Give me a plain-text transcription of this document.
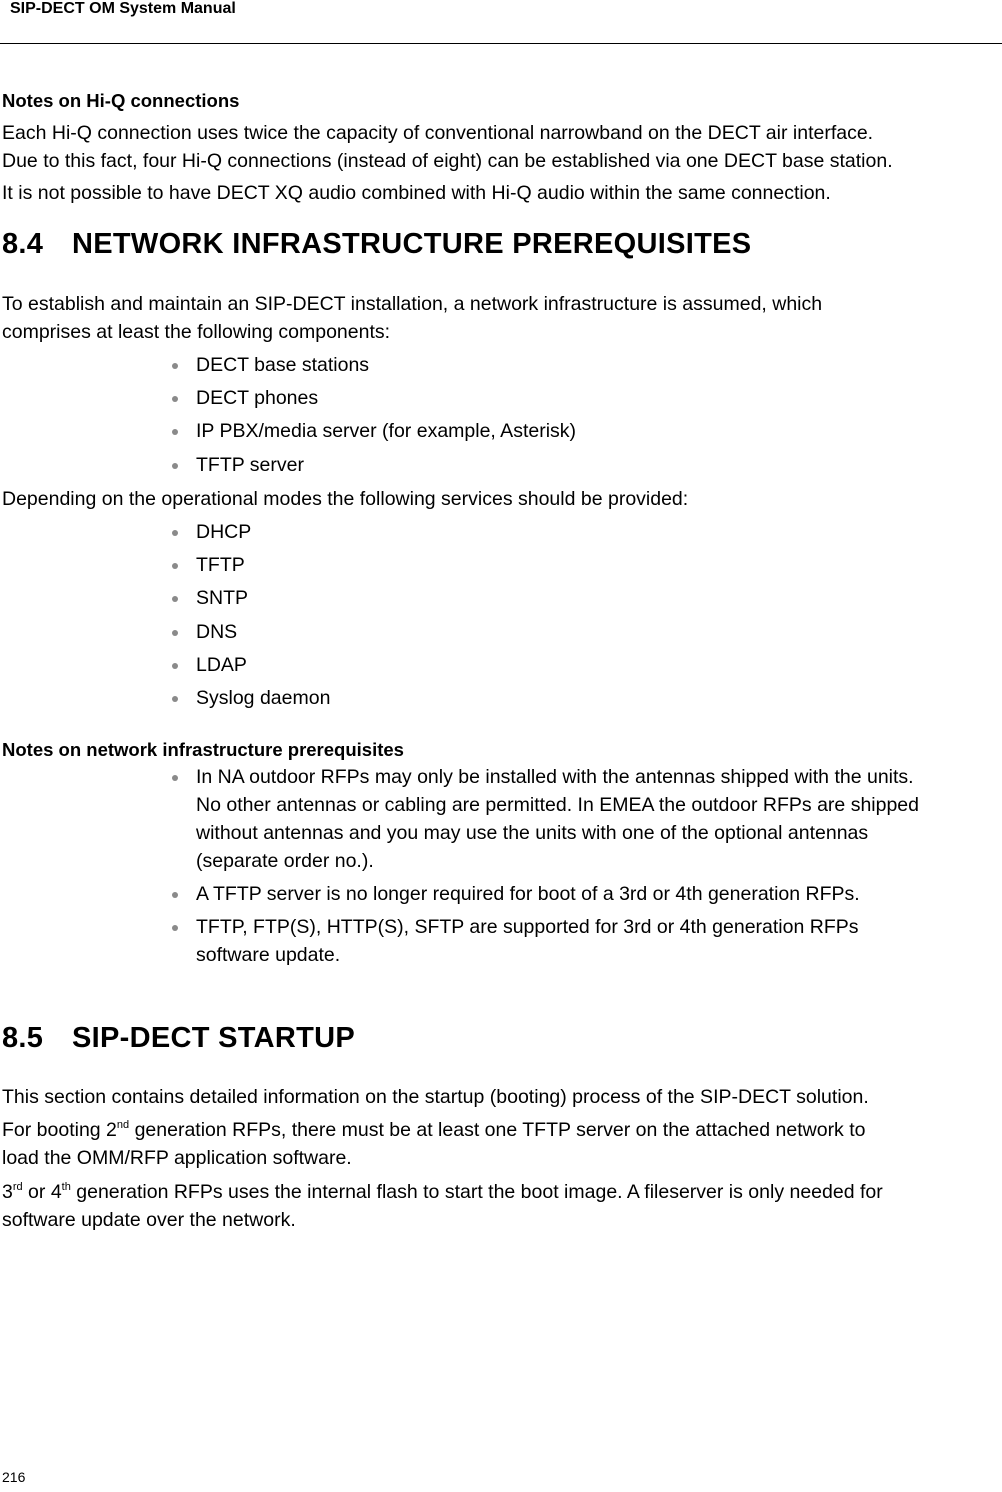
SIP-DECT OM System Manual
Notes on Hi-Q connections
Each Hi-Q connection uses twice the capacity of conventional narrowband on the DECT air interface.
Due to this fact, four Hi-Q connections (instead of eight) can be established via one DECT base station.
It is not possible to have DECT XQ audio combined with Hi-Q audio within the same connection.
8.4 NETWORK INFRASTRUCTURE PREREQUISITES
To establish and maintain an SIP-DECT installation, a network infrastructure is assumed, which
comprises at least the following components:
DECT base stations
DECT phones
IP PBX/media server (for example, Asterisk)
TFTP server
Depending on the operational modes the following services should be provided:
DHCP
TFTP
SNTP
DNS
LDAP
Syslog daemon
Notes on network infrastructure prerequisites
In NA outdoor RFPs may only be installed with the antennas shipped with the units.
No other antennas or cabling are permitted. In EMEA the outdoor RFPs are shipped
without antennas and you may use the units with one of the optional antennas
(separate order no.).
A TFTP server is no longer required for boot of a 3rd or 4th generation RFPs.
TFTP, FTP(S), HTTP(S), SFTP are supported for 3rd or 4th generation RFPs
software update.
8.5 SIP-DECT STARTUP
This section contains detailed information on the startup (booting) process of the SIP-DECT solution.
For booting 2nd generation RFPs, there must be at least one TFTP server on the attached network to
load the OMM/RFP application software.
3rd or 4th generation RFPs uses the internal flash to start the boot image. A fileserver is only needed for
software update over the network.
216
